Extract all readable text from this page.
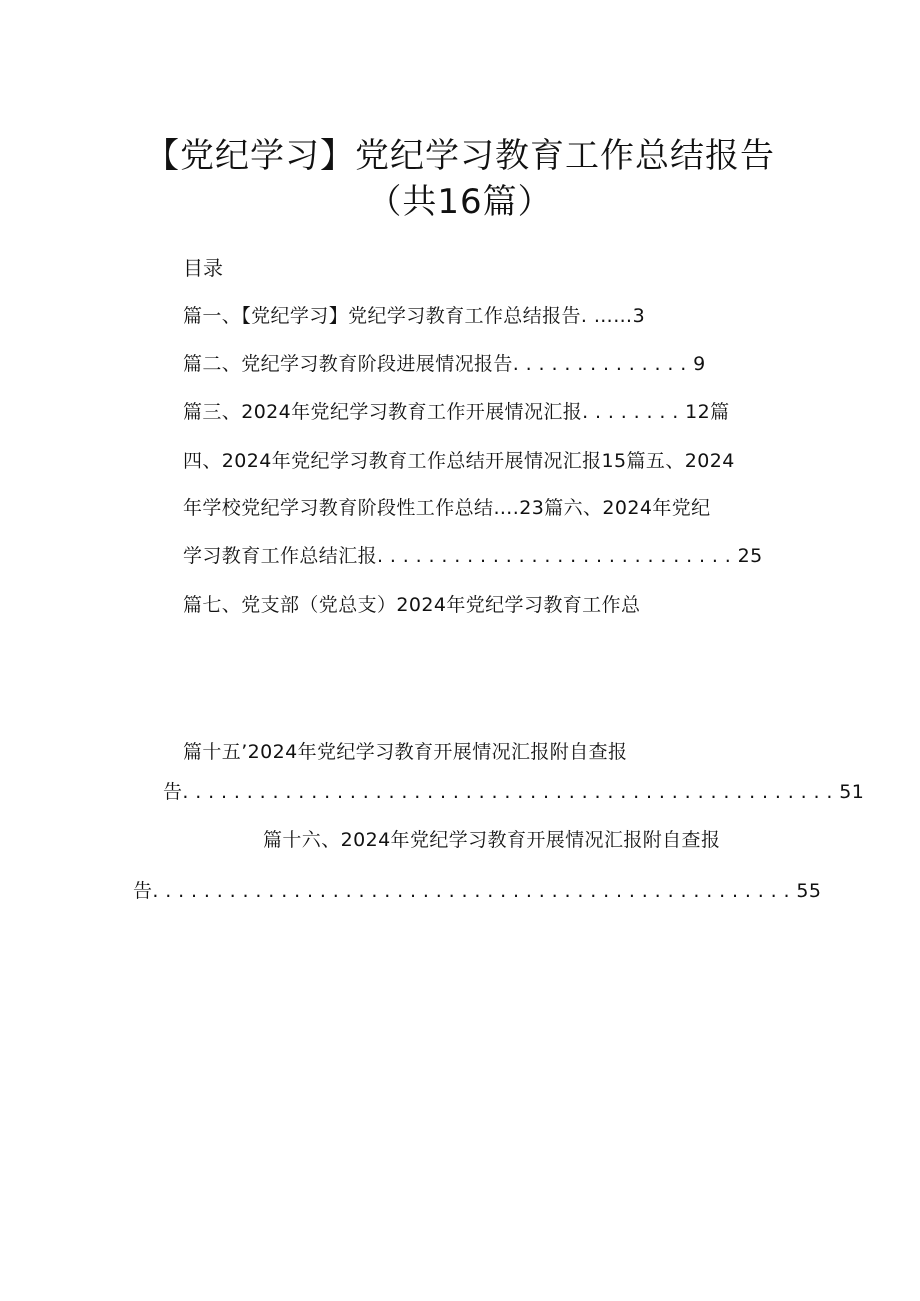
【党纪学习】党纪学习教育工作总结报告
（共16篇）
目录
篇一、【党纪学习】党纪学习教育工作总结报告. ……3
篇二、党纪学习教育阶段进展情况报告. . . . . . . . . . . . . . 9
篇三、2024年党纪学习教育工作开展情况汇报. . . . . . . . 12篇
四、2024年党纪学习教育工作总结开展情况汇报15篇五、2024
年学校党纪学习教育阶段性工作总结….23篇六、2024年党纪
学习教育工作总结汇报. . . . . . . . . . . . . . . . . . . . . . . . . . . . 25
篇七、党支部（党总支）2024年党纪学习教育工作总
篇十五’2024年党纪学习教育开展情况汇报附自查报
告. . . . . . . . . . . . . . . . . . . . . . . . . . . . . . . . . . . . . . . . . . . . . . . . . . . 51
篇十六、2024年党纪学习教育开展情况汇报附自查报
告. . . . . . . . . . . . . . . . . . . . . . . . . . . . . . . . . . . . . . . . . . . . . . . . . . 55
